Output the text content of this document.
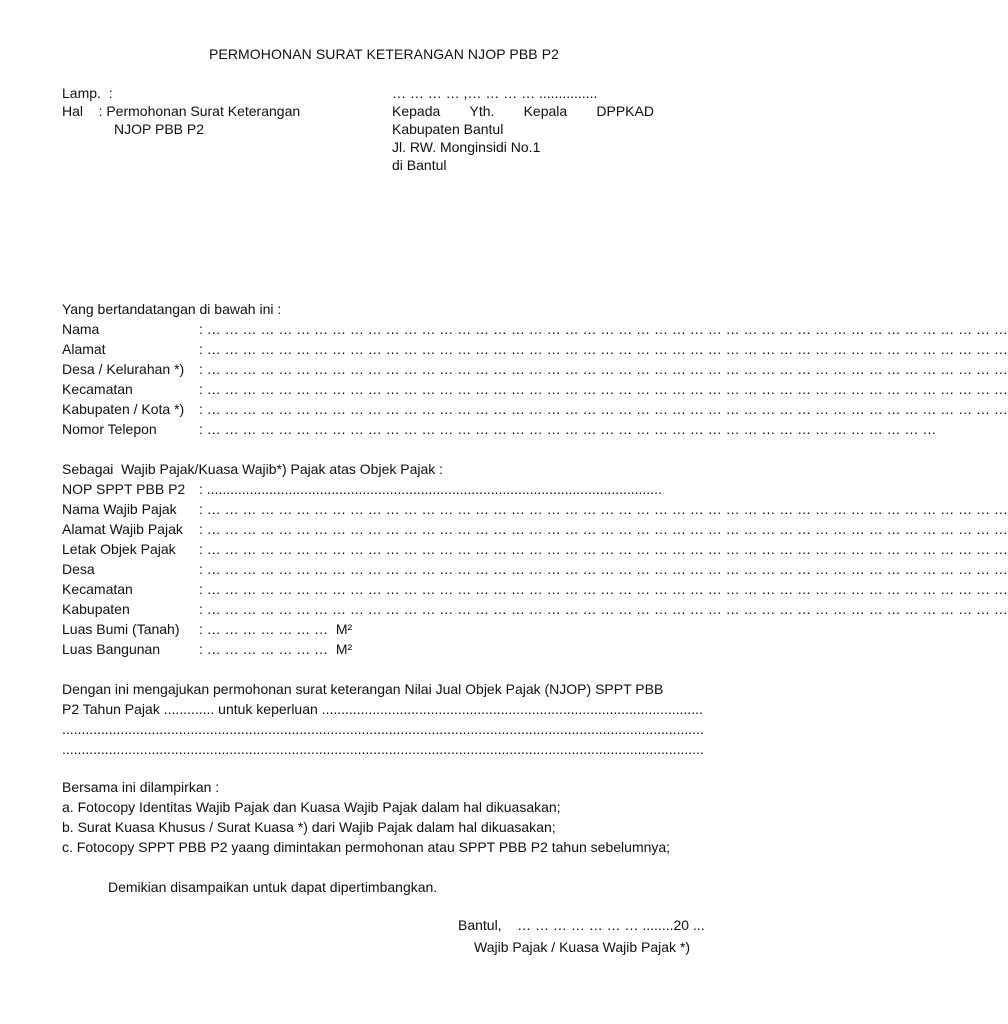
PERMOHONAN SURAT KETERANGAN NJOP PBB P2
Lamp.  :
Hal    : Permohonan Surat Keterangan
NJOP PBB P2
… … … … ,… … … … ...............
Kepada Yth. Kepala DPPKAD
Kabupaten Bantul
Jl. RW. Monginsidi No.1
di Bantul
Yang bertandatangan di bawah ini :
Nama	: … … … … … … … … … … … … … … … … … … … … … … … … … … … … … … … … … … … … … … … … … … … … …
Alamat	: … … … … … … … … … … … … … … … … … … … … … … … … … … … … … … … … … … … … … … … … … … … … …
Desa / Kelurahan *) : … … … … … … … … … … … … … … … … … … … … … … … … … … … … … … … … … … … … … … … … … … … … …
Kecamatan	: … … … … … … … … … … … … … … … … … … … … … … … … … … … … … … … … … … … … … … … … … … … … …
Kabupaten / Kota *) : … … … … … … … … … … … … … … … … … … … … … … … … … … … … … … … … … … … … … … … … … … … … …
Nomor Telepon	: … … … … … … … … … … … … … … … … … … … … … … … … … … … … … … … … … … … … … … … … …
Sebagai  Wajib Pajak/Kuasa Wajib*) Pajak atas Objek Pajak :
NOP SPPT PBB P2 : .....................................................................................................................
Nama Wajib Pajak : … … … … … … … … … … … … … … … … … … … … … … … … … … … … … … … … … … … … … … … … … … … … …
Alamat Wajib Pajak : … … … … … … … … … … … … … … … … … … … … … … … … … … … … … … … … … … … … … … … … … … … … …
Letak Objek Pajak : … … … … … … … … … … … … … … … … … … … … … … … … … … … … … … … … … … … … … … … … … … … … …
Desa	: … … … … … … … … … … … … … … … … … … … … … … … … … … … … … … … … … … … … … … … … … … … … …
Kecamatan	: … … … … … … … … … … … … … … … … … … … … … … … … … … … … … … … … … … … … … … … … … … … … …
Kabupaten	: … … … … … … … … … … … … … … … … … … … … … … … … … … … … … … … … … … … … … … … … … … … … …
Luas Bumi (Tanah) : … … … … … … …  M²
Luas Bangunan	: … … … … … … …  M²
Dengan ini mengajukan permohonan surat keterangan Nilai Jual Objek Pajak (NJOP) SPPT PBB
P2 Tahun Pajak ............. untuk keperluan ..................................................................................................
.....................................................................................................................................................................
.....................................................................................................................................................................
Bersama ini dilampirkan :
a. Fotocopy Identitas Wajib Pajak dan Kuasa Wajib Pajak dalam hal dikuasakan;
b. Surat Kuasa Khusus / Surat Kuasa *) dari Wajib Pajak dalam hal dikuasakan;
c. Fotocopy SPPT PBB P2 yaang dimintakan permohonan atau SPPT PBB P2 tahun sebelumnya;
Demikian disampaikan untuk dapat dipertimbangkan.
Bantul,    … … … … … … … ........20 ...
Wajib Pajak / Kuasa Wajib Pajak *)
